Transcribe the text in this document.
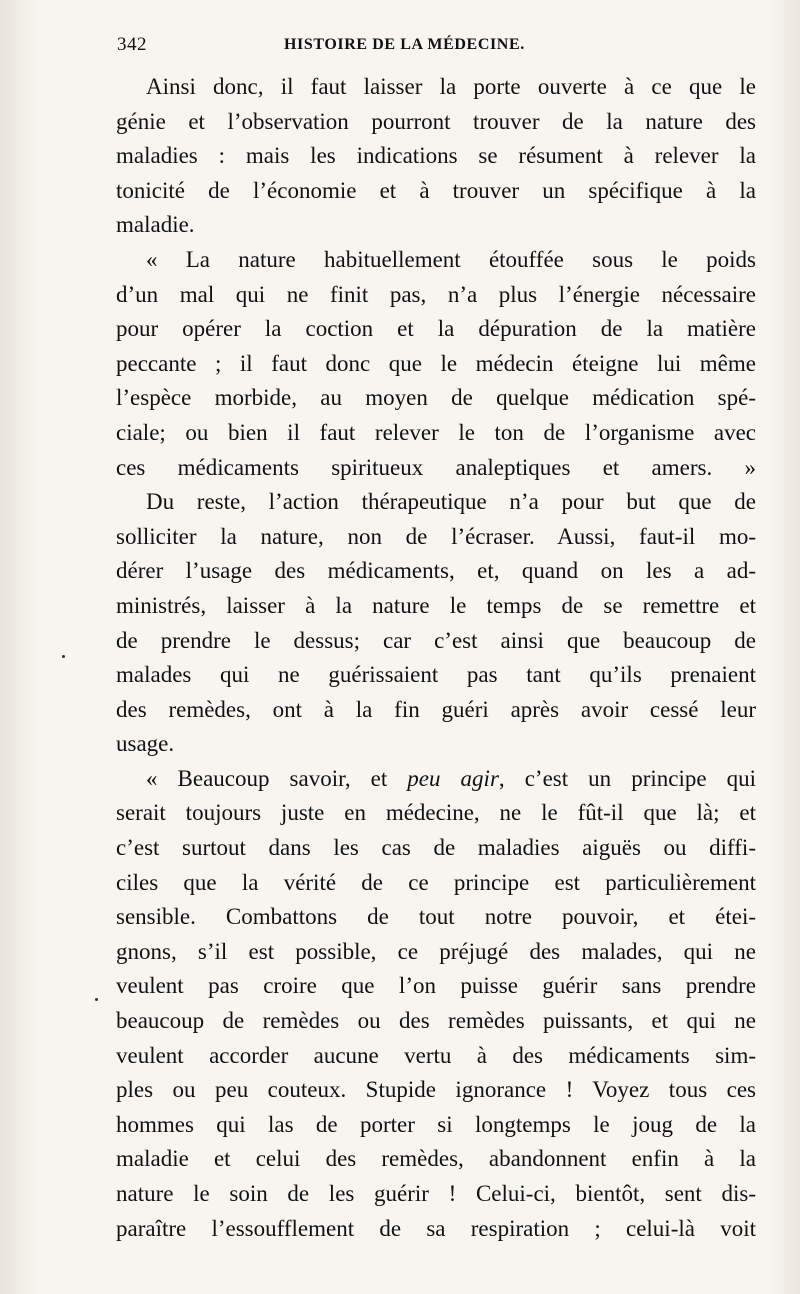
342	HISTOIRE DE LA MÉDECINE.
Ainsi donc, il faut laisser la porte ouverte à ce que le
génie et l’observation pourront trouver de la nature des
maladies : mais les indications se résument à relever la
tonicité de l’économie et à trouver un spécifique à la
maladie.
« La nature habituellement étouffée sous le poids
d’un mal qui ne finit pas, n’a plus l’énergie nécessaire
pour opérer la coction et la dépuration de la matière
peccante ; il faut donc que le médecin éteigne lui même
l’espèce morbide, au moyen de quelque médication spé-
ciale; ou bien il faut relever le ton de l’organisme avec
ces médicaments spiritueux analeptiques et amers. »
Du reste, l’action thérapeutique n’a pour but que de
solliciter la nature, non de l’écraser. Aussi, faut-il mo-
dérer l’usage des médicaments, et, quand on les a ad-
ministrés, laisser à la nature le temps de se remettre et
de prendre le dessus; car c’est ainsi que beaucoup de
malades qui ne guérissaient pas tant qu’ils prenaient
des remèdes, ont à la fin guéri après avoir cessé leur
usage.
« Beaucoup savoir, et peu agir, c’est un principe qui
serait toujours juste en médecine, ne le fût-il que là; et
c’est surtout dans les cas de maladies aiguës ou diffi-
ciles que la vérité de ce principe est particulièrement
sensible. Combattons de tout notre pouvoir, et étei-
gnons, s’il est possible, ce préjugé des malades, qui ne
veulent pas croire que l’on puisse guérir sans prendre
beaucoup de remèdes ou des remèdes puissants, et qui ne
veulent accorder aucune vertu à des médicaments sim-
ples ou peu couteux. Stupide ignorance ! Voyez tous ces
hommes qui las de porter si longtemps le joug de la
maladie et celui des remèdes, abandonnent enfin à la
nature le soin de les guérir ! Celui-ci, bientôt, sent dis-
paraître l’essoufflement de sa respiration ; celui-là voit
